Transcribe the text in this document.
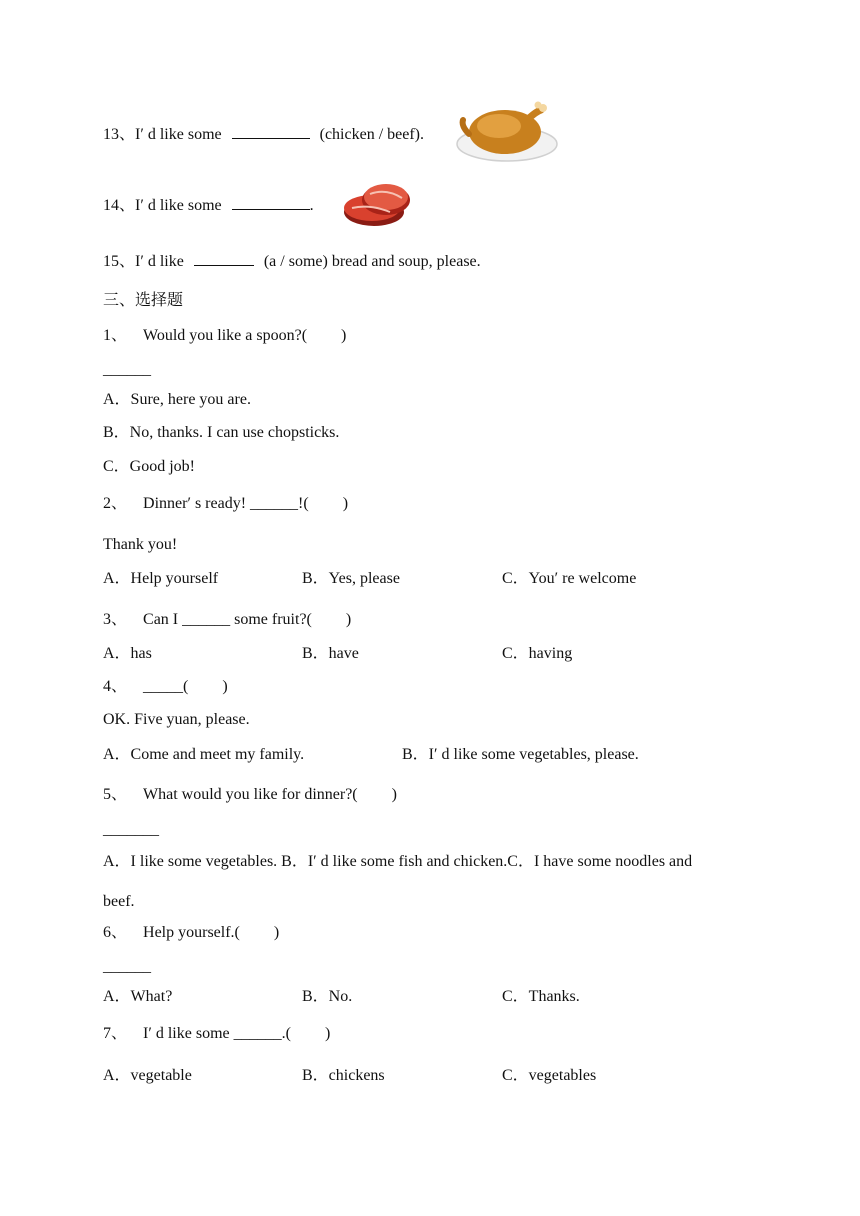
13、I′ d like some	(chicken / beef).
14、I′ d like some	.
15、I′ d like	(a / some) bread and soup, please.
三、选择题
1、 Would you like a spoon?( )
______
A．Sure, here you are.
B．No, thanks. I can use chopsticks.
C．Good job!
2、 Dinner′ s ready! ______!( )
Thank you!
A．Help yourself	B．Yes, please	C．You′ re welcome
3、 Can I ______ some fruit?( )
A．has	B．have	C．having
4、 _____( )
OK. Five yuan, please.
A．Come and meet my family.	B．I′ d like some vegetables, please.
5、 What would you like for dinner?( )
_______
A．I like some vegetables. B．I′ d like some fish and chicken.C．I have some noodles and
beef.
6、 Help yourself.( )
______
A．What?	B．No.	C．Thanks.
7、 I′ d like some ______.( )
A．vegetable	B．chickens	C．vegetables
